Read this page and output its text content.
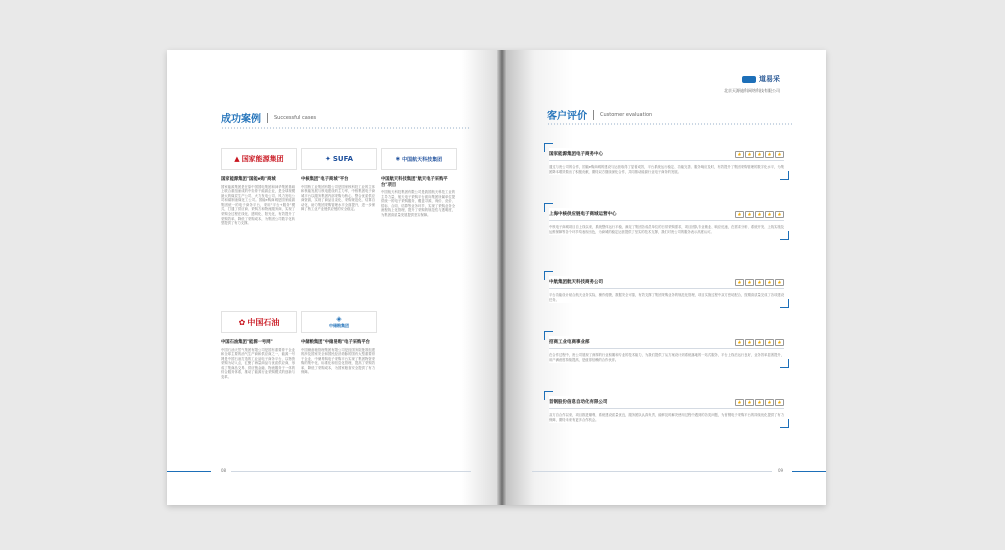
成功案例	Successful cases
▲ 国家能源集团
国家能源集团"国能e购"商城
国家能源集团是在原中国国电集团和神华集团基础上联合重组而成的中央骨干能源企业，是全球规模最大的煤炭生产公司、火力发电公司、风力发电公司和煤制油煤化工公司。国能e购商城是国家能源集团统一的电子商务平台，采用"平台+服务"模式，打通了供应商、采购方和物流服务商，实现了采购全过程在线化、透明化、阳光化，有效提升了采购效率，降低了采购成本，为集团公司数字化转型提供了有力支撑。
✦ SUFA
中核集团"电子商城"平台
中国核工业集团有限公司是国家核科技工业的主体和核能发展与核电建设的主力军，中核集团电子商城平台以服务集团内部采购为核心，整合优质供应商资源，实现了商品目录化、采购规范化、结算自动化，助力集团采购管理水平全面提升，进一步保障了核工业产业链供应链的安全稳定。
◉ 中国航天科技集团
中国航天科技集团"航天电子采购平台"项目
中国航天科技集团有限公司是我国航天科技工业的主导力量，航天电子采购平台面向集团所属单位提供统一的电子采购服务，覆盖寻源、询价、竞价、招标、合同、结算等业务环节，实现了采购业务全流程线上化管理，提升了采购的规范性与透明度，为集团高质量发展提供坚实保障。
✿ 中国石油
中国石油集团"能源一号网"
中国石油天然气集团有限公司是国有重要骨干企业和全球主要的油气生产商和供应商之一，能源一号网是中国石油打造的工业品电子商务平台，以物资采购为切入点，汇聚了海量商品与优质供应商，形成了集商品交易、供应链金融、物流服务于一体的综合服务体系，推动了能源行业采购模式的创新与变革。
◈
中储粮集团
中储粮集团"中储易购"电子采购平台
中国储备粮管理集团有限公司是经国务院批准组建的涉及国家安全和国民经济命脉的国有大型重要骨干企业，中储易购电子采购平台实现了集团物资采购的集中化、标准化和信息化管理，提高了采购效率，降低了采购成本，为国家粮食安全提供了有力保障。
08
道易采
北京天源迪科网络科技有限公司
客户评价	Customer evaluation
国家能源集团电子商务中心	👍	👍	👍	👍	👍
通过与贵公司的合作，国能e购商城的建设与运营取得了显著成效，平台系统运行稳定、功能完善、服务响应及时，有效提升了集团采购管理的数字化水平，为集团降本增效做出了积极贡献，期待双方继续深化合作，共同推动能源行业电子商务的发展。
上海中核供应链电子商城运营中心	👍	👍	👍	👍	👍
中核电子商城项目自上线以来，系统整体运行平稳，满足了集团各成员单位的日常采购需求，项目团队专业敏业、响应迅速，在需求分析、系统开发、上线实施及运维保障等各个环节均表现出色，为商城的稳定运营提供了坚实的技术支撑，我们对贵公司的服务表示高度认可。
中航集团航天科技商务公司	👍	👍	👍	👍	👍
平台功能设计贴合航天业务实际，操作便捷，数据安全可靠，有效支撑了集团采购业务的规范化管理，项目实施过程中双方密切配合，按期高质量完成了各项建设任务。
招商工业电商事业部	👍	👍	👍	👍	👍
在合作过程中，贵公司展现了深厚的行业积累和专业的技术能力，为我们提供了从方案设计到系统落地的一站式服务，平台上线后运行良好，业务效率显著提升，用户满意度持续提高，是值得信赖的合作伙伴。
首钢股份信息自动化有限公司	👍	👍	👍	👍	👍
双方自合作以来，项目推进顺利，系统建设质量优良，服务团队认真负责，能够及时解决使用过程中遇到的各类问题，为首钢电子采购平台的持续优化提供了有力保障，期待未来有更多合作机会。
09
